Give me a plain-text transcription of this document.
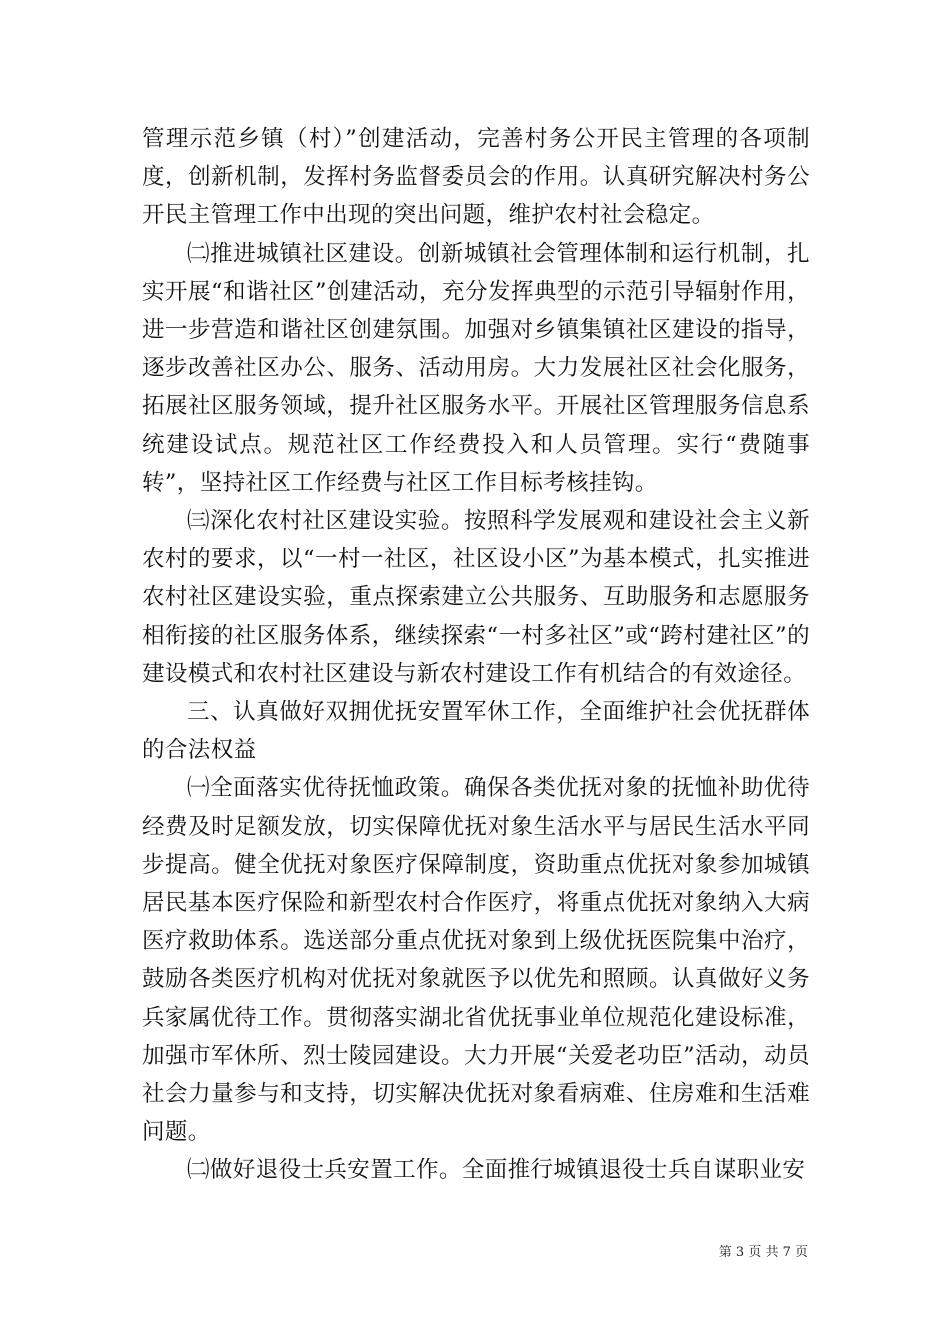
管理示范乡镇（村）”创建活动，完善村务公开民主管理的各项制度，创新机制，发挥村务监督委员会的作用。认真研究解决村务公开民主管理工作中出现的突出问题，维护农村社会稳定。

㈡推进城镇社区建设。创新城镇社会管理体制和运行机制，扎实开展“和谐社区”创建活动，充分发挥典型的示范引导辐射作用，进一步营造和谐社区创建氛围。加强对乡镇集镇社区建设的指导，逐步改善社区办公、服务、活动用房。大力发展社区社会化服务，拓展社区服务领域，提升社区服务水平。开展社区管理服务信息系统建设试点。规范社区工作经费投入和人员管理。实行“费随事转”，坚持社区工作经费与社区工作目标考核挂钩。

㈢深化农村社区建设实验。按照科学发展观和建设社会主义新农村的要求，以“一村一社区，社区设小区”为基本模式，扎实推进农村社区建设实验，重点探索建立公共服务、互助服务和志愿服务相衔接的社区服务体系，继续探索“一村多社区”或“跨村建社区”的建设模式和农村社区建设与新农村建设工作有机结合的有效途径。

三、认真做好双拥优抚安置军休工作，全面维护社会优抚群体的合法权益

㈠全面落实优待抚恤政策。确保各类优抚对象的抚恤补助优待经费及时足额发放，切实保障优抚对象生活水平与居民生活水平同步提高。健全优抚对象医疗保障制度，资助重点优抚对象参加城镇居民基本医疗保险和新型农村合作医疗，将重点优抚对象纳入大病医疗救助体系。选送部分重点优抚对象到上级优抚医院集中治疗，鼓励各类医疗机构对优抚对象就医予以优先和照顾。认真做好义务兵家属优待工作。贯彻落实湖北省优抚事业单位规范化建设标准，加强市军休所、烈士陵园建设。大力开展“关爱老功臣”活动，动员社会力量参与和支持，切实解决优抚对象看病难、住房难和生活难问题。

㈡做好退役士兵安置工作。全面推行城镇退役士兵自谋职业安

第 3 页 共 7 页
